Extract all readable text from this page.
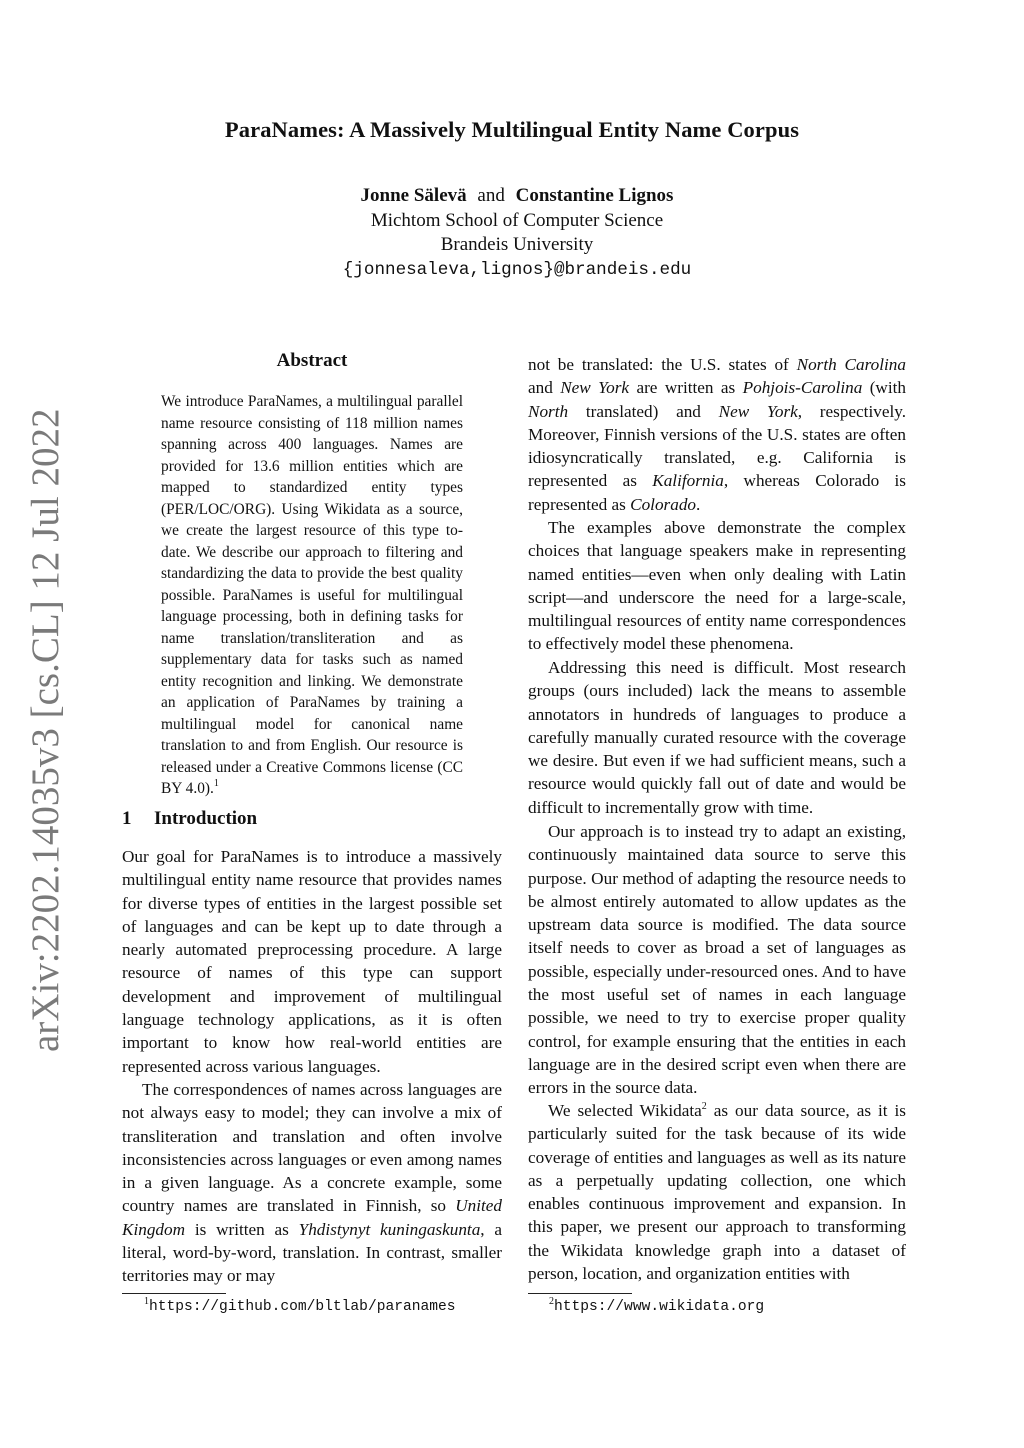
ParaNames: A Massively Multilingual Entity Name Corpus
Jonne Sälevä and Constantine Lignos
Michtom School of Computer Science
Brandeis University
{jonnesaleva,lignos}@brandeis.edu
arXiv:2202.14035v3 [cs.CL] 12 Jul 2022
Abstract
We introduce ParaNames, a multilingual parallel name resource consisting of 118 million names spanning across 400 languages. Names are provided for 13.6 million entities which are mapped to standardized entity types (PER/LOC/ORG). Using Wikidata as a source, we create the largest resource of this type to-date. We describe our approach to filtering and standardizing the data to provide the best quality possible. ParaNames is useful for multilingual language processing, both in defining tasks for name translation/transliteration and as supplementary data for tasks such as named entity recognition and linking. We demonstrate an application of ParaNames by training a multilingual model for canonical name translation to and from English. Our resource is released under a Creative Commons license (CC BY 4.0).$^1$
1 Introduction
Our goal for ParaNames is to introduce a massively multilingual entity name resource that provides names for diverse types of entities in the largest possible set of languages and can be kept up to date through a nearly automated preprocessing procedure. A large resource of names of this type can support development and improvement of multilingual language technology applications, as it is often important to know how real-world entities are represented across various languages.
The correspondences of names across languages are not always easy to model; they can involve a mix of transliteration and translation and often involve inconsistencies across languages or even among names in a given language. As a concrete example, some country names are translated in Finnish, so United Kingdom is written as Yhdistynyt kuningaskunta, a literal, word-by-word, translation. In contrast, smaller territories may or may
not be translated: the U.S. states of North Carolina and New York are written as Pohjois-Carolina (with North translated) and New York, respectively. Moreover, Finnish versions of the U.S. states are often idiosyncratically translated, e.g. California is represented as Kalifornia, whereas Colorado is represented as Colorado.
The examples above demonstrate the complex choices that language speakers make in representing named entities—even when only dealing with Latin script—and underscore the need for a large-scale, multilingual resources of entity name correspondences to effectively model these phenomena.
Addressing this need is difficult. Most research groups (ours included) lack the means to assemble annotators in hundreds of languages to produce a carefully manually curated resource with the coverage we desire. But even if we had sufficient means, such a resource would quickly fall out of date and would be difficult to incrementally grow with time.
Our approach is to instead try to adapt an existing, continuously maintained data source to serve this purpose. Our method of adapting the resource needs to be almost entirely automated to allow updates as the upstream data source is modified. The data source itself needs to cover as broad a set of languages as possible, especially under-resourced ones. And to have the most useful set of names in each language possible, we need to try to exercise proper quality control, for example ensuring that the entities in each language are in the desired script even when there are errors in the source data.
We selected Wikidata$^2$ as our data source, as it is particularly suited for the task because of its wide coverage of entities and languages as well as its nature as a perpetually updating collection, one which enables continuous improvement and expansion. In this paper, we present our approach to transforming the Wikidata knowledge graph into a dataset of person, location, and organization entities with
$^1$https://github.com/bltlab/paranames	$^2$https://www.wikidata.org
